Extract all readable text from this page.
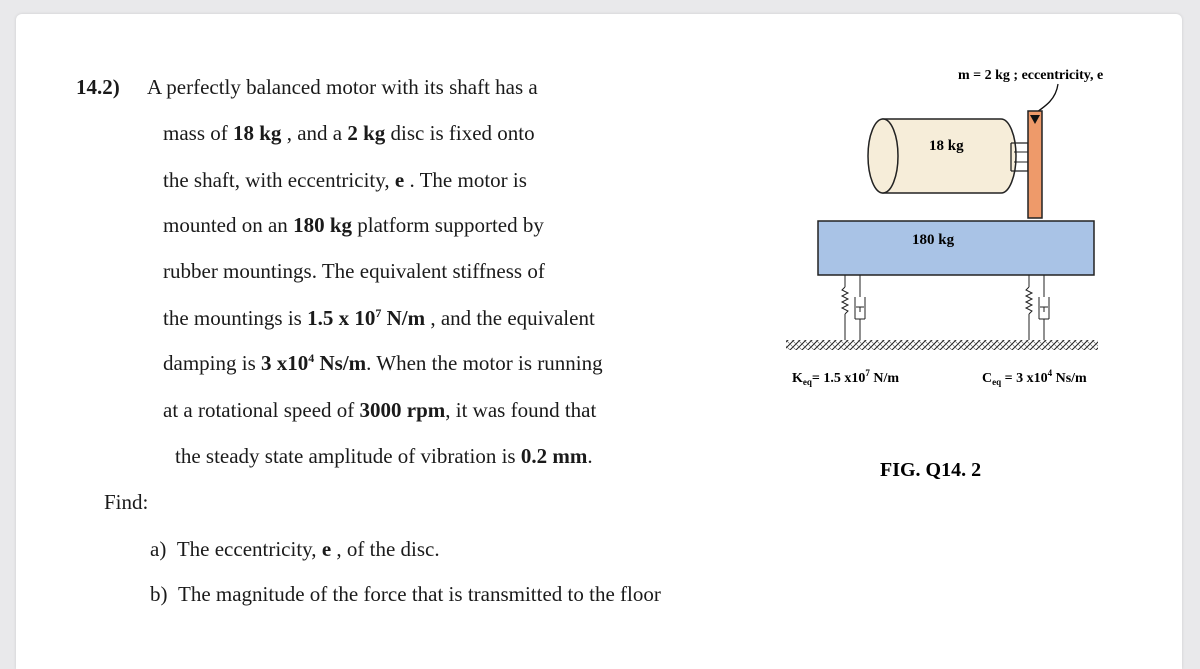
14.2) A perfectly balanced motor with its shaft has a
mass of 18 kg , and a 2 kg disc is fixed onto
the shaft, with eccentricity, e . The motor is
mounted on an 180 kg platform supported by
rubber mountings. The equivalent stiffness of
the mountings is 1.5 x $10^7$ N/m , and the equivalent
damping is 3 $x10^4$ Ns/m. When the motor is running
at a rotational speed of 3000 rpm, it was found that
the steady state amplitude of vibration is 0.2 mm.
Find:
a) The eccentricity, e , of the disc.
b) The magnitude of the force that is transmitted to the floor
m = 2 kg ; eccentricity, e
18 kg
180 kg
$K_{eq}= 1.5$ $x10^7$ N/m	$C_{eq} = 3$ $x10^4$ Ns/m
FIG. Q14. 2
